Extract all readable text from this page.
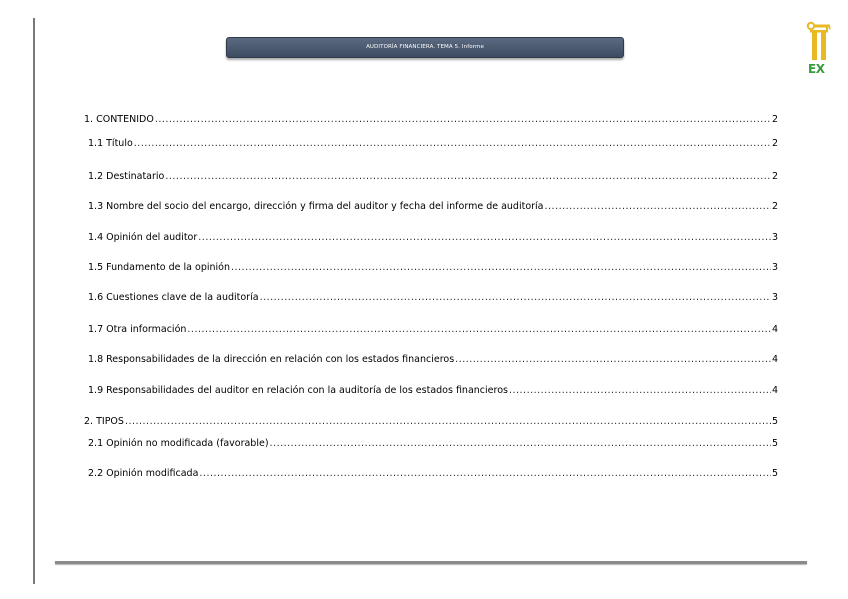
AUDITORÍA FINANCIERA. TEMA 5. Informe
EX
1. CONTENIDO .....	2
1.1 Título .....	2
1.2 Destinatario .....	2
1.3 Nombre del socio del encargo, dirección y firma del auditor y fecha del informe de auditoría .....	2
1.4 Opinión del auditor .....	3
1.5 Fundamento de la opinión .....	3
1.6 Cuestiones clave de la auditoría .....	3
1.7 Otra información .....	4
1.8 Responsabilidades de la dirección en relación con los estados financieros .....	4
1.9 Responsabilidades del auditor en relación con la auditoría de los estados financieros .....	4
2. TIPOS .....	5
2.1 Opinión no modificada (favorable) .....	5
2.2 Opinión modificada .....	5
